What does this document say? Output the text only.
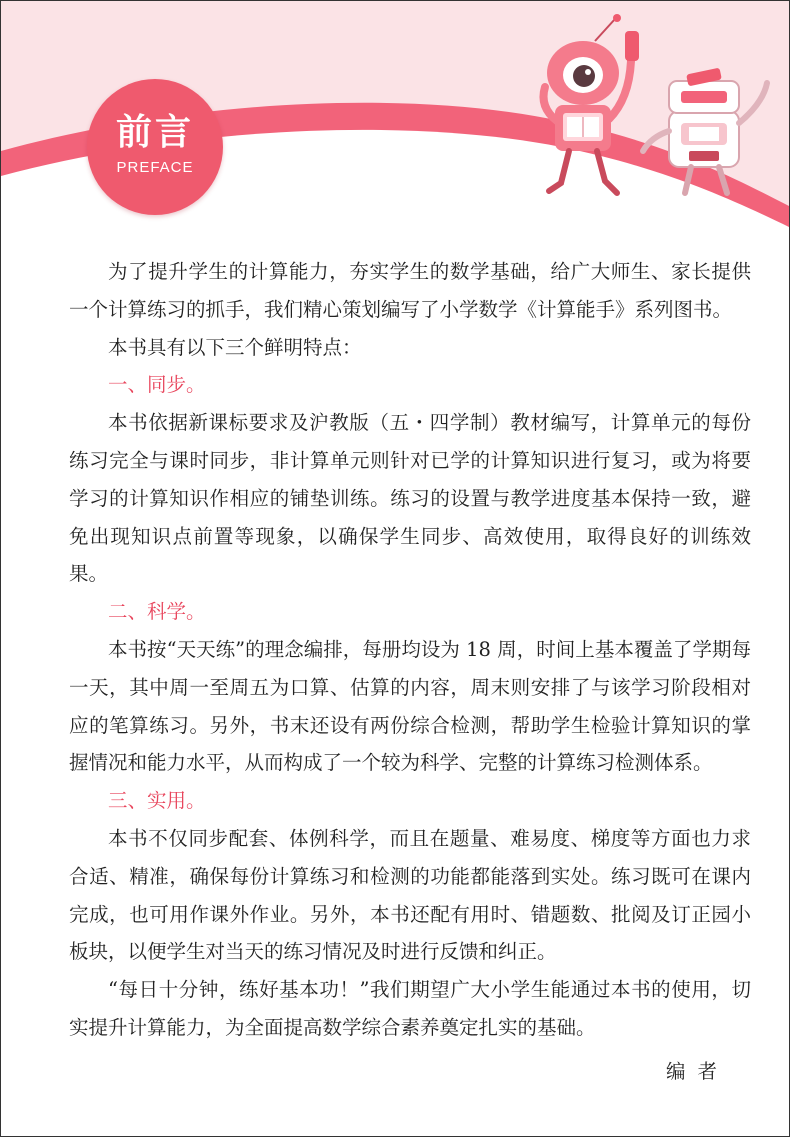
前言
PREFACE

为了提升学生的计算能力，夯实学生的数学基础，给广大师生、家长提供一个计算练习的抓手，我们精心策划编写了小学数学《计算能手》系列图书。

本书具有以下三个鲜明特点：

一、同步。

本书依据新课标要求及沪教版（五・四学制）教材编写，计算单元的每份练习完全与课时同步，非计算单元则针对已学的计算知识进行复习，或为将要学习的计算知识作相应的铺垫训练。练习的设置与教学进度基本保持一致，避免出现知识点前置等现象，以确保学生同步、高效使用，取得良好的训练效果。

二、科学。

本书按“天天练”的理念编排，每册均设为 18 周，时间上基本覆盖了学期每一天，其中周一至周五为口算、估算的内容，周末则安排了与该学习阶段相对应的笔算练习。另外，书末还设有两份综合检测，帮助学生检验计算知识的掌握情况和能力水平，从而构成了一个较为科学、完整的计算练习检测体系。

三、实用。

本书不仅同步配套、体例科学，而且在题量、难易度、梯度等方面也力求合适、精准，确保每份计算练习和检测的功能都能落到实处。练习既可在课内完成，也可用作课外作业。另外，本书还配有用时、错题数、批阅及订正园小板块，以便学生对当天的练习情况及时进行反馈和纠正。

“每日十分钟，练好基本功！”我们期望广大小学生能通过本书的使用，切实提升计算能力，为全面提高数学综合素养奠定扎实的基础。

编者
